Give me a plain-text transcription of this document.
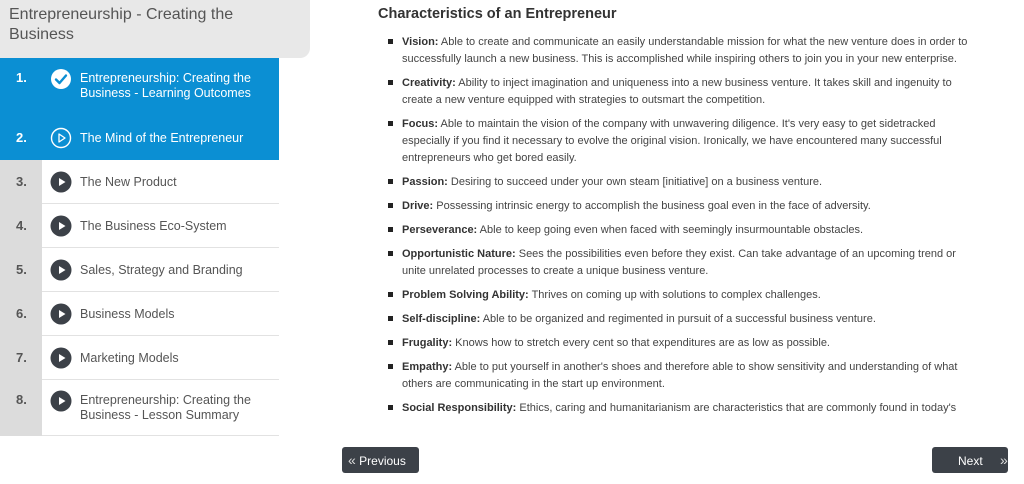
Entrepreneurship - Creating the Business
1.	Entrepreneurship: Creating the
Business - Learning Outcomes
2.	The Mind of the Entrepreneur
3.	The New Product
4.	The Business Eco-System
5.	Sales, Strategy and Branding
6.	Business Models
7.	Marketing Models
8.	Entrepreneurship: Creating the
Business - Lesson Summary
Characteristics of an Entrepreneur
Vision: Able to create and communicate an easily understandable mission for what the new venture does in order to successfully launch a new business. This is accomplished while inspiring others to join you in your new enterprise.
Creativity: Ability to inject imagination and uniqueness into a new business venture. It takes skill and ingenuity to create a new venture equipped with strategies to outsmart the competition.
Focus: Able to maintain the vision of the company with unwavering diligence. It's very easy to get sidetracked especially if you find it necessary to evolve the original vision. Ironically, we have encountered many successful entrepreneurs who get bored easily.
Passion: Desiring to succeed under your own steam [initiative] on a business venture.
Drive: Possessing intrinsic energy to accomplish the business goal even in the face of adversity.
Perseverance: Able to keep going even when faced with seemingly insurmountable obstacles.
Opportunistic Nature: Sees the possibilities even before they exist. Can take advantage of an upcoming trend or unite unrelated processes to create a unique business venture.
Problem Solving Ability: Thrives on coming up with solutions to complex challenges.
Self-discipline: Able to be organized and regimented in pursuit of a successful business venture.
Frugality: Knows how to stretch every cent so that expenditures are as low as possible.
Empathy: Able to put yourself in another's shoes and therefore able to show sensitivity and understanding of what others are communicating in the start up environment.
Social Responsibility: Ethics, caring and humanitarianism are characteristics that are commonly found in today's
« Previous	Next »
